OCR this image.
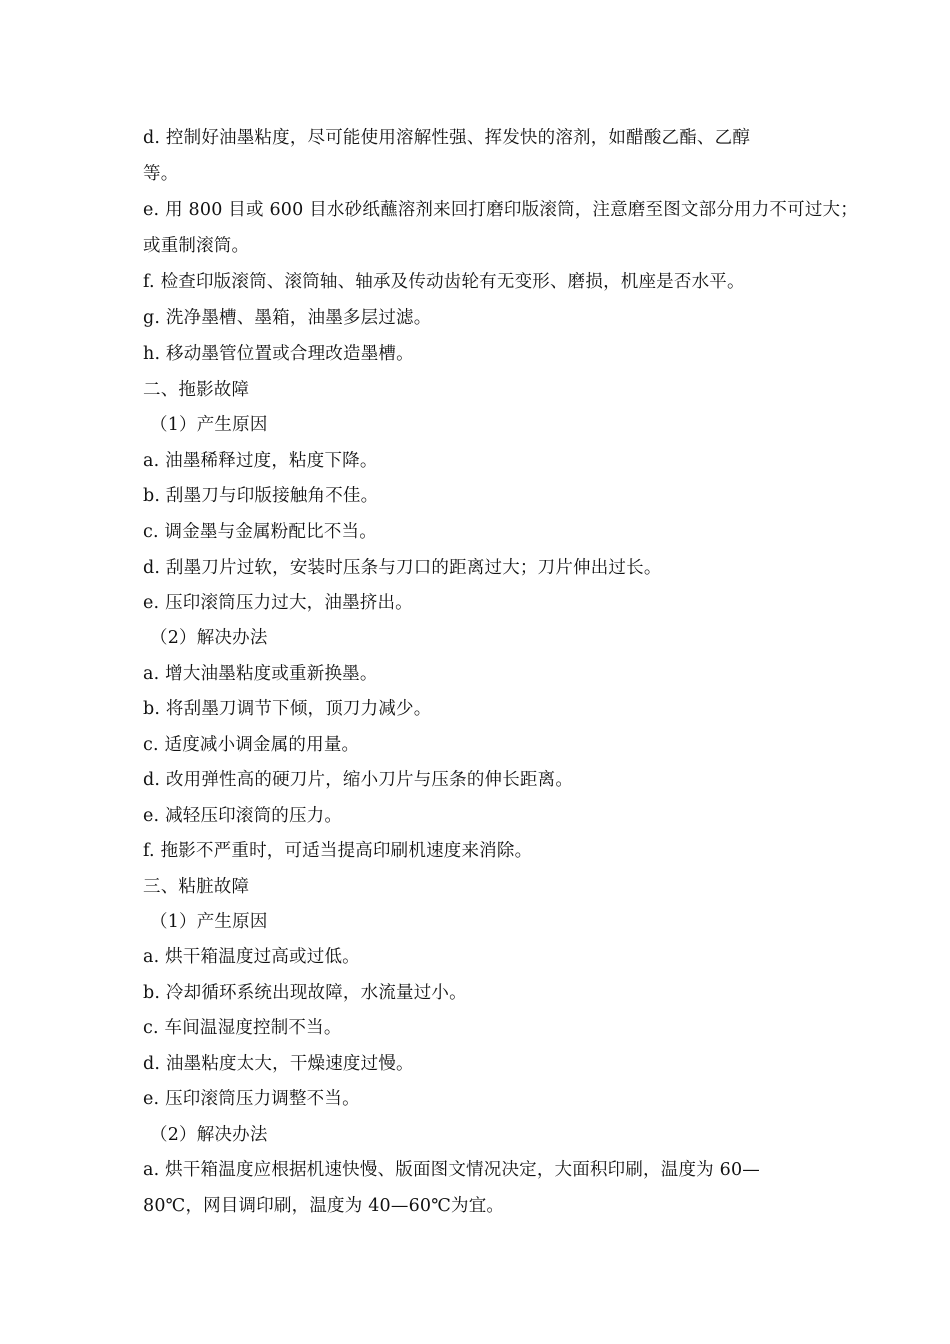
d. 控制好油墨粘度，尽可能使用溶解性强、挥发快的溶剂，如醋酸乙酯、乙醇
等。
e. 用 800 目或 600 目水砂纸蘸溶剂来回打磨印版滚筒，注意磨至图文部分用力不可过大；
或重制滚筒。
f. 检查印版滚筒、滚筒轴、轴承及传动齿轮有无变形、磨损，机座是否水平。
g. 洗净墨槽、墨箱，油墨多层过滤。
h. 移动墨管位置或合理改造墨槽。
二、拖影故障
（1）产生原因
a. 油墨稀释过度，粘度下降。
b. 刮墨刀与印版接触角不佳。
c. 调金墨与金属粉配比不当。
d. 刮墨刀片过软，安装时压条与刀口的距离过大；刀片伸出过长。
e. 压印滚筒压力过大，油墨挤出。
（2）解决办法
a. 增大油墨粘度或重新换墨。
b. 将刮墨刀调节下倾，顶刀力减少。
c. 适度减小调金属的用量。
d. 改用弹性高的硬刀片，缩小刀片与压条的伸长距离。
e. 减轻压印滚筒的压力。
f. 拖影不严重时，可适当提高印刷机速度来消除。
三、粘脏故障
（1）产生原因
a. 烘干箱温度过高或过低。
b. 冷却循环系统出现故障，水流量过小。
c. 车间温湿度控制不当。
d. 油墨粘度太大，干燥速度过慢。
e. 压印滚筒压力调整不当。
（2）解决办法
a. 烘干箱温度应根据机速快慢、版面图文情况决定，大面积印刷，温度为 60—
80℃，网目调印刷，温度为 40—60℃为宜。
